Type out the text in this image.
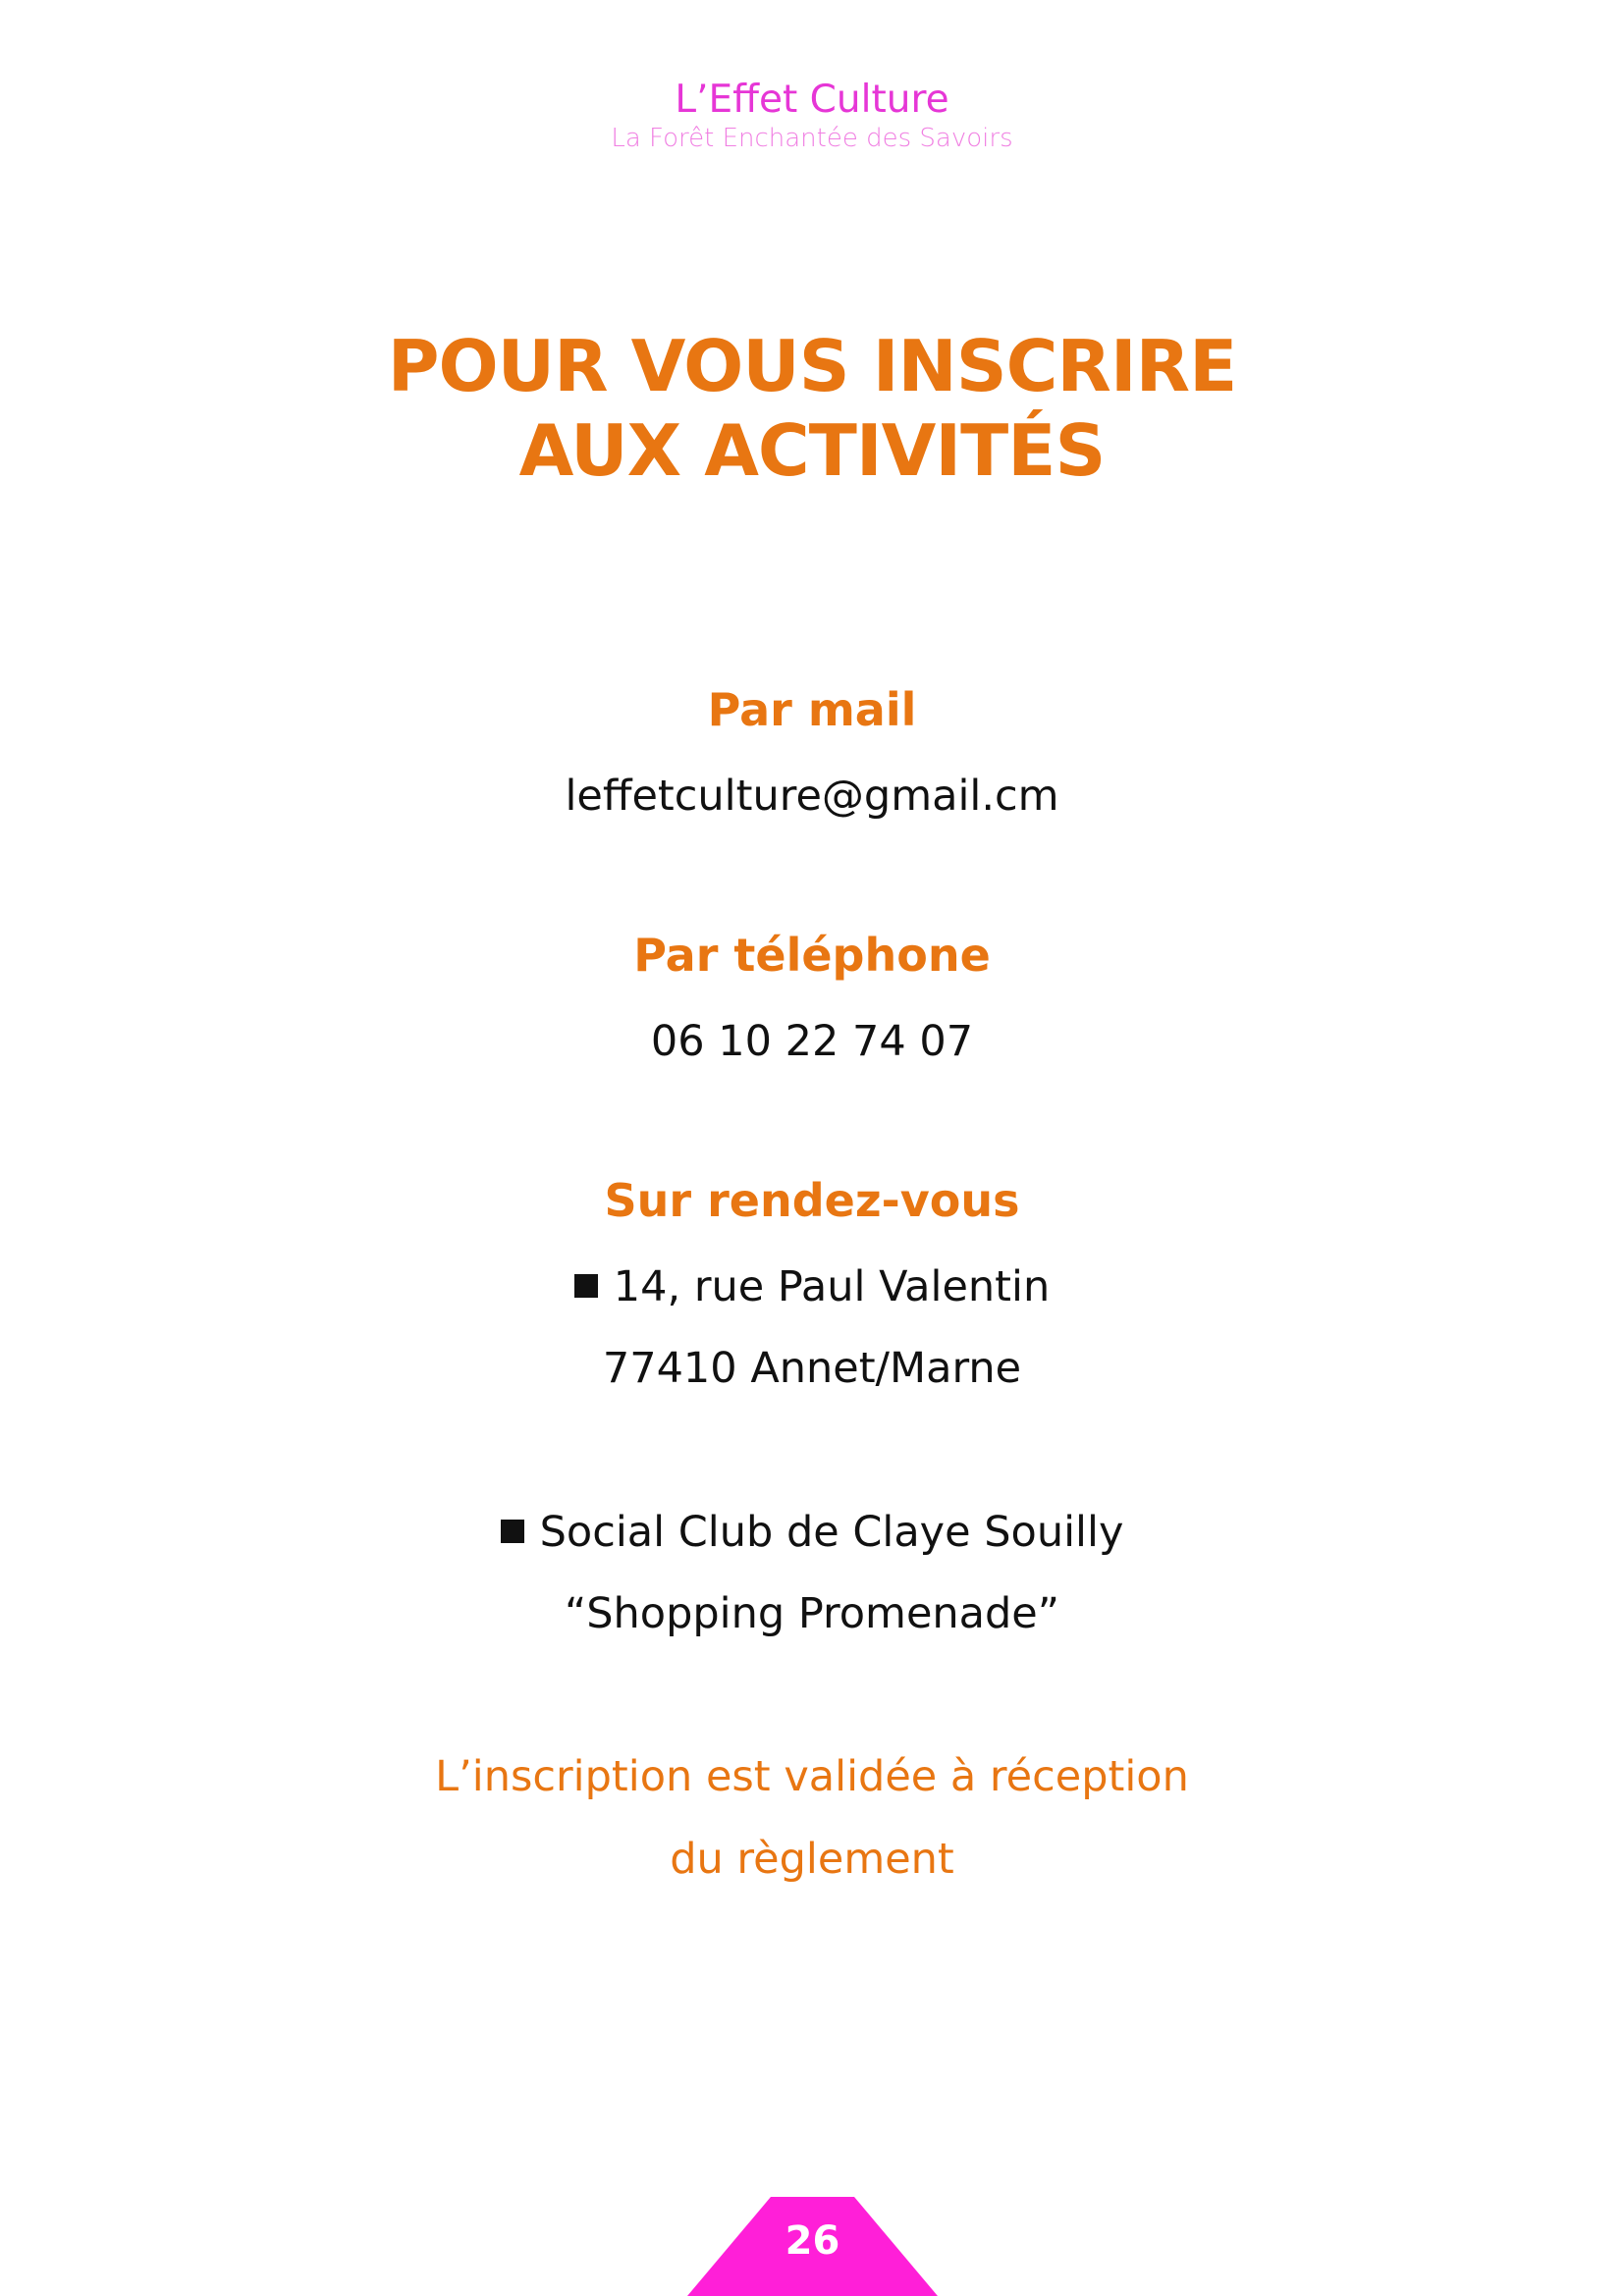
L’Effet Culture
La Forêt Enchantée des Savoirs
POUR VOUS INSCRIRE
AUX ACTIVITÉS
Par mail
leffetculture@gmail.cm
Par téléphone
06 10 22 74 07
Sur rendez-vous
14, rue Paul Valentin
77410 Annet/Marne
Social Club de Claye Souilly
“Shopping Promenade”
L’inscription est validée à réception
du règlement
26
